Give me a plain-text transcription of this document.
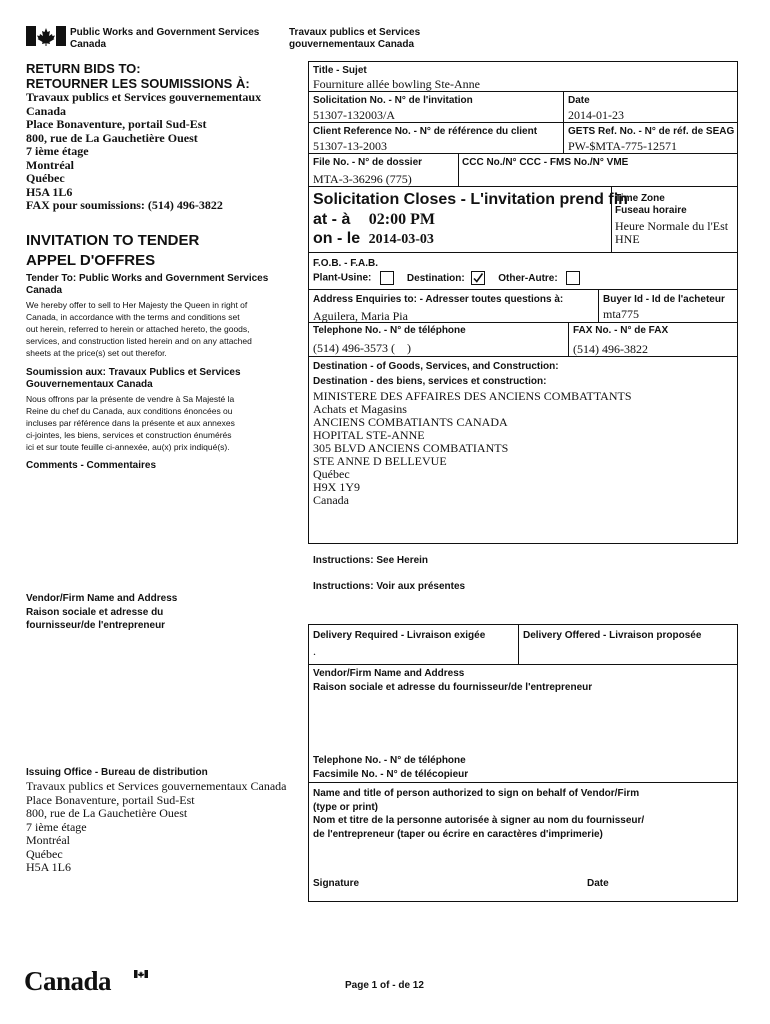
Public Works and Government Services
Canada
Travaux publics et Services
gouvernementaux Canada
RETURN BIDS TO:
RETOURNER LES SOUMISSIONS À:
Travaux publics et Services gouvernementaux
Canada
Place Bonaventure, portail Sud-Est
800, rue de La Gauchetière Ouest
7 ième étage
Montréal
Québec
H5A 1L6
FAX pour soumissions: (514) 496-3822
INVITATION TO TENDER
APPEL D'OFFRES
Tender To: Public Works and Government Services
Canada
We hereby offer to sell to Her Majesty the Queen in right of
Canada, in accordance with the terms and conditions set
out herein, referred to herein or attached hereto, the goods,
services, and construction listed herein and on any attached
sheets at the price(s) set out therefor.
Soumission aux: Travaux Publics et Services
Gouvernementaux Canada
Nous offrons par la présente de vendre à Sa Majesté la
Reine du chef du Canada, aux conditions énoncées ou
incluses par référence dans la présente et aux annexes
ci-jointes, les biens, services et construction énumérés
ici et sur toute feuille ci-annexée, au(x) prix indiqué(s).
Comments - Commentaires
Vendor/Firm Name and Address
Raison sociale et adresse du
fournisseur/de l'entrepreneur
Issuing Office - Bureau de distribution
Travaux publics et Services gouvernementaux Canada
Place Bonaventure, portail Sud-Est
800, rue de La Gauchetière Ouest
7 ième étage
Montréal
Québec
H5A 1L6
Title - Sujet
Fourniture allée bowling Ste-Anne
Solicitation No. - N° de l'invitation
51307-132003/A
Date
2014-01-23
Client Reference No. - N° de référence du client
51307-13-2003
GETS Ref. No. - N° de réf. de SEAG
PW-$MTA-775-12571
File No. - N° de dossier
MTA-3-36296 (775)
CCC No./N° CCC - FMS No./N° VME
Solicitation Closes - L'invitation prend fin
at - à 02:00 PM
on - le 2014-03-03
Time Zone
Fuseau horaire
Heure Normale du l'Est
HNE
F.O.B. - F.A.B.
Plant-Usine:	Destination:	Other-Autre:
Address Enquiries to: - Adresser toutes questions à:
Aguilera, Maria Pia
Buyer Id - Id de l'acheteur
mta775
Telephone No. - N° de téléphone
(514) 496-3573 (    )
FAX No. - N° de FAX
(514) 496-3822
Destination - of Goods, Services, and Construction:
Destination - des biens, services et construction:
MINISTERE DES AFFAIRES DES ANCIENS COMBATTANTS
Achats et Magasins
ANCIENS COMBATIANTS CANADA
HOPITAL STE-ANNE
305 BLVD ANCIENS COMBATIANTS
STE ANNE D BELLEVUE
Québec
H9X 1Y9
Canada
Instructions: See Herein
Instructions: Voir aux présentes
Delivery Required - Livraison exigée
.
Delivery Offered - Livraison proposée
Vendor/Firm Name and Address
Raison sociale et adresse du fournisseur/de l'entrepreneur
Telephone No. - N° de téléphone
Facsimile No. - N° de télécopieur
Name and title of person authorized to sign on behalf of Vendor/Firm
(type or print)
Nom et titre de la personne autorisée à signer au nom du fournisseur/
de l'entrepreneur (taper ou écrire en caractères d'imprimerie)
Signature	Date
Canada	Page 1 of - de 12
